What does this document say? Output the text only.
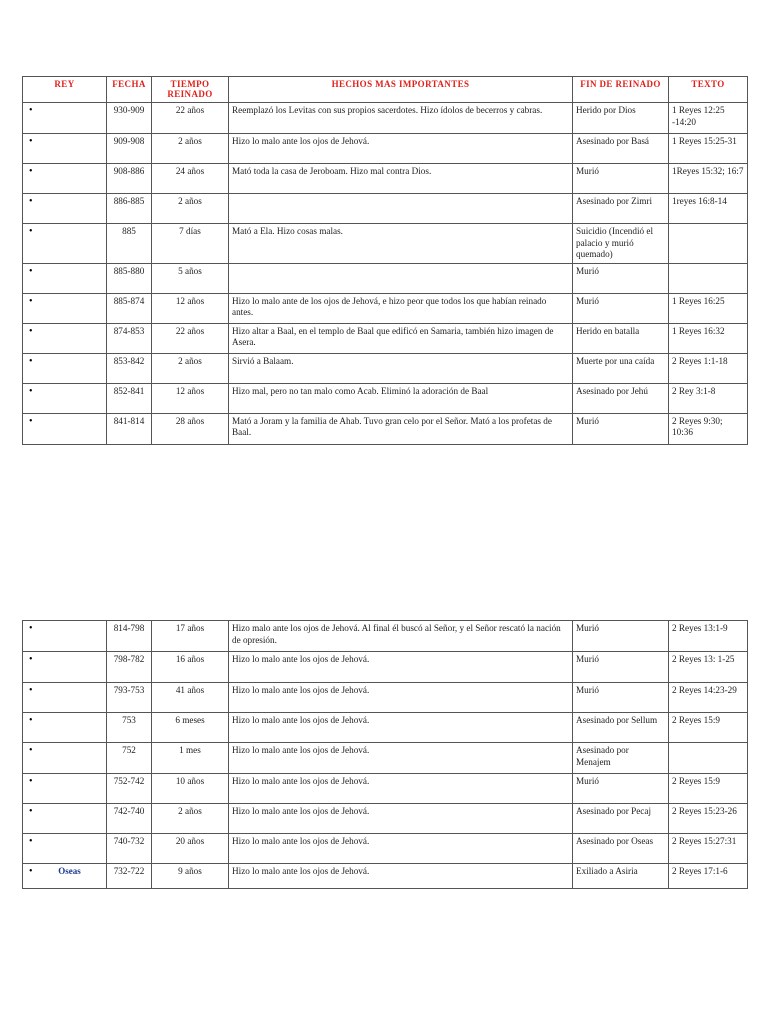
REY	FECHA	TIEMPO REINADO	HECHOS MAS IMPORTANTES	FIN DE REINADO	TEXTO

•	930-909	22 años	Reemplazó los Levitas con sus propios sacerdotes. Hizo ídolos de becerros y cabras.	Herido por Dios	1 Reyes 12:25 -14:20

•	909-908	2 años	Hizo lo malo ante los ojos de Jehová.	Asesinado por Basá	1 Reyes 15:25-31

•	908-886	24 años	Mató toda la casa de Jeroboam. Hizo mal contra Dios.	Murió	1Reyes 15:32; 16:7

•	886-885	2 años		Asesinado por Zimri	1reyes 16:8-14

•	885	7 días	Mató a Ela. Hizo cosas malas.	Suicidio (Incendió el palacio y murió quemado)	

•	885-880	5 años		Murió	

•	885-874	12 años	Hizo lo malo ante de los ojos de Jehová, e hizo peor que todos los que habían reinado antes.	Murió	1 Reyes 16:25

•	874-853	22 años	Hizo altar a Baal, en el templo de Baal que edificó en Samaria, también hizo imagen de Asera.	Herido en batalla	1 Reyes 16:32

•	853-842	2 años	Sirvió a Balaam.	Muerte por una caída	2 Reyes 1:1-18

•	852-841	12 años	Hizo mal, pero no tan malo como Acab. Eliminó la adoración de Baal	Asesinado por Jehú	2 Rey 3:1-8

•	841-814	28 años	Mató a Joram y la familia de Ahab. Tuvo gran celo por el Señor. Mató a los profetas de Baal.	Murió	2 Reyes 9:30; 10:36
•	814-798	17 años	Hizo malo ante los ojos de Jehová. Al final él buscó al Señor, y el Señor rescató la nación de opresión.	Murió	2 Reyes 13:1-9

•	798-782	16 años	Hizo lo malo ante los ojos de Jehová.	Murió	2 Reyes 13: 1-25

•	793-753	41 años	Hizo lo malo ante los ojos de Jehová.	Murió	2 Reyes 14:23-29

•	753	6 meses	Hizo lo malo ante los ojos de Jehová.	Asesinado por Sellum	2 Reyes 15:9

•	752	1 mes	Hizo lo malo ante los ojos de Jehová.	Asesinado por Menajem	

•	752-742	10 años	Hizo lo malo ante los ojos de Jehová.	Murió	2 Reyes 15:9

•	742-740	2 años	Hizo lo malo ante los ojos de Jehová.	Asesinado por Pecaj	2 Reyes 15:23-26

•	740-732	20 años	Hizo lo malo ante los ojos de Jehová.	Asesinado por Oseas	2 Reyes 15:27:31

• Oseas	732-722	9 años	Hizo lo malo ante los ojos de Jehová.	Exiliado a Asiria	2 Reyes 17:1-6
